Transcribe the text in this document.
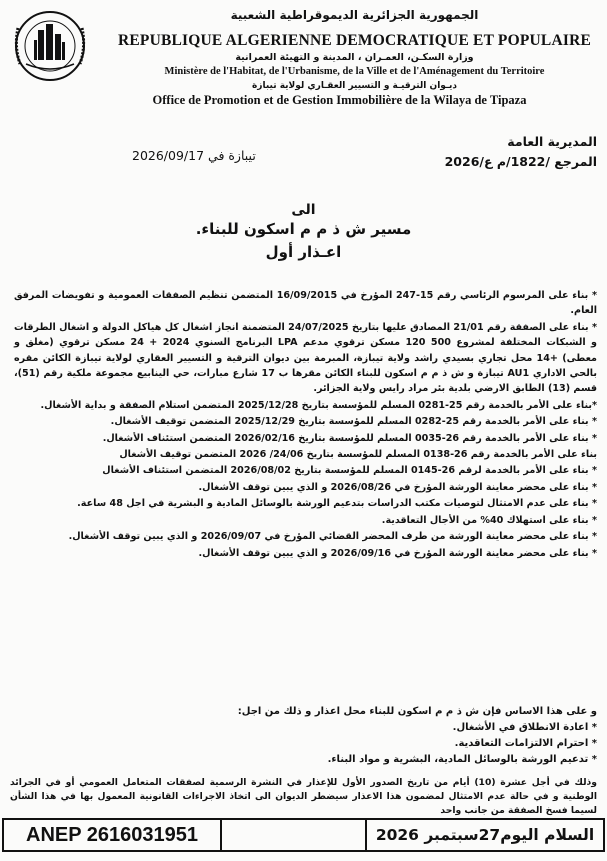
الجمهورية الجزائرية الديموقراطية الشعبية
REPUBLIQUE ALGERIENNE DEMOCRATIQUE ET POPULAIRE
وزارة السكـن، العمـران ، المدينة و التهيئة العمرانية
Ministère de l'Habitat, de l'Urbanisme, de la Ville et de l'Aménagement du Territoire
ديـوان الترقيـة و التسيير العقـاري لولاية تيبازة
Office de Promotion et de Gestion Immobilière de la Wilaya de Tipaza
المديرية العامة
المرجع /1822/م ع/2026
تيبازة في 2026/09/17
الى
مسير ش ذ م م اسكون للبناء.
اعـذار أول

* بناء على المرسوم الرئاسي رقم 15-247 المؤرخ في 16/09/2015 المتضمن تنظيم الصفقات العمومية و تفويضات المرفق العام.

* بناء على الصفقة رقم 21/01 المصادق عليها بتاريخ 24/07/2025 المتضمنة انجاز اشغال كل هياكل الدولة و اشغال الطرقات و الشبكات المختلفة لمشروع 500 120 مسكن ترقوي مدعم LPA البرنامج السنوي 2024 + 24 مسكن ترقوي (مغلق و معطى) +14 محل تجاري بسيدي راشد ولاية تيبازة، المبرمة بين ديوان الترقية و التسيير العقاري لولاية تيبازة الكائن مقره بالحي الاداري AU1 تيبازة و ش ذ م م اسكون للبناء الكائن مقرها ب 17 شارع مبارات، حي الينابيع مجموعة ملكية رقم (51)، قسم (13) الطابق الارضي بلدية بئر مراد رايس ولاية الجزائر.

*بناء على الأمر بالخدمة رقم 25-0281 المسلم للمؤسسة بتاريخ 2025/12/28 المتضمن استلام الصفقة و بداية الأشغال.

* بناء على الأمر بالخدمة رقم 25-0282 المسلم للمؤسسة بتاريخ 2025/12/29 المتضمن توقيف الأشغال.

* بناء على الأمر بالخدمة رقم 26-0035 المسلم للمؤسسة بتاريخ 2026/02/16 المتضمن استئناف الأشغال.

بناء على الأمر بالخدمة رقم 26-0138 المسلم للمؤسسة بتاريخ 24/06/ 2026 المتضمن توقيف الأشغال

* بناء على الأمر بالخدمة لرقم 26-0145 المسلم للمؤسسة بتاريخ 2026/08/02 المتضمن استئناف الأشغال

* بناء على محضر معاينة الورشة المؤرخ في 2026/08/26 و الذي يبين توقف الأشغال.

* بناء على عدم الامتثال لتوصيات مكتب الدراسات بتدعيم الورشة بالوسائل المادية و البشرية في اجل 48 ساعة.

* بناء على استهلاك 40% من الأجال التعاقدية.

* بناء على محضر معاينة الورشة من طرف المحضر القضائي المؤرخ في 2026/09/07 و الذي يبين توقف الأشغال.

* بناء على محضر معاينة الورشة المؤرخ في 2026/09/16 و الذي يبين توقف الأشغال.

و على هذا الاساس فإن ش ذ م م اسكون للبناء محل اعذار و ذلك من اجل:

* اعادة الانطلاق في الأشغال.

* احترام الالتزامات التعاقدية.

* تدعيم الورشة بالوسائل المادية، البشرية و مواد البناء.

وذلك في أجل عشرة (10) أيام من تاريخ الصدور الأول للإعذار في النشرة الرسمية لصفقات المتعامل العمومي أو في الجرائد الوطنية و في حالة عدم الامتثال لمضمون هذا الاعذار سيضطر الديوان الى اتخاذ الاجراءات القانونية المعمول بها في هذا الشأن لسيما فسخ الصفقة من جانب واحد
ANEP 2616031951	السلام اليوم27سبتمبر 2026
